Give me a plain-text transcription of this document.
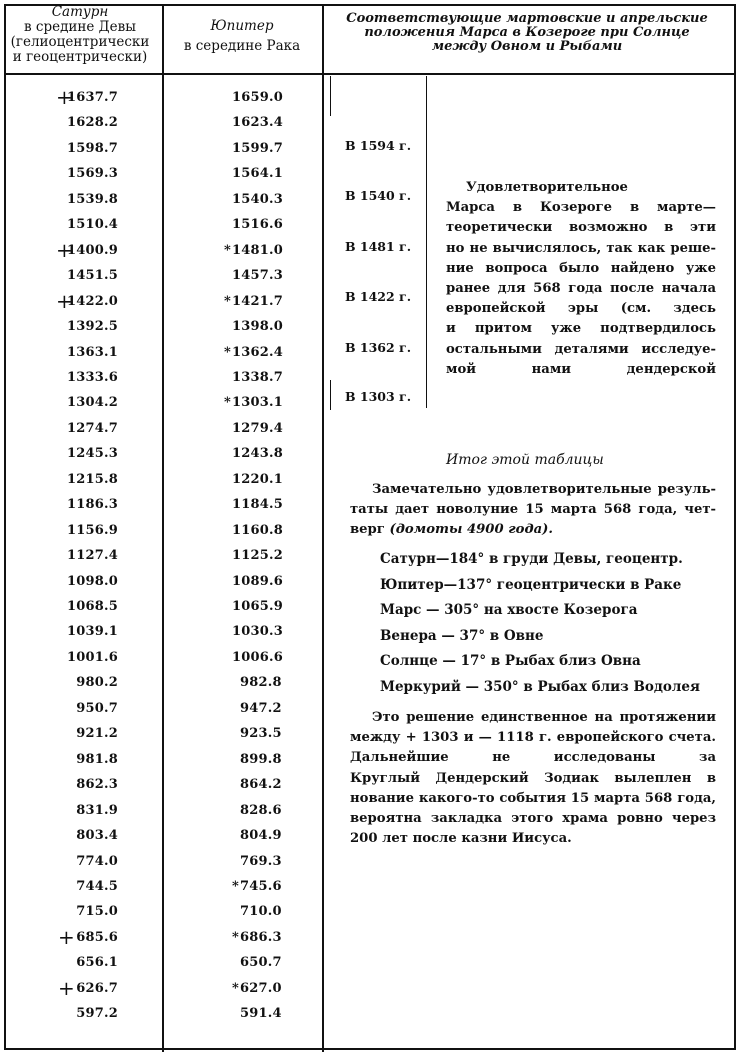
Сатурн
в средине Девы
(гелиоцентрически
и геоцентрически)
Юпитер
в середине Рака
Соответствующие мартовские и апрельские
положения Марса в Козероге при Солнце
между Овном и Рыбами
+
1637.7	1659.0
1628.2	1623.4
1598.7	1599.7
1569.3	1564.1
1539.8	1540.3
1510.4	1516.6
+
1400.9	* 1481.0
1451.5	1457.3
+
1422.0	* 1421.7
1392.5	1398.0
1363.1	* 1362.4
1333.6	1338.7
1304.2	* 1303.1
1274.7	1279.4
1245.3	1243.8
1215.8	1220.1
1186.3	1184.5
1156.9	1160.8
1127.4	1125.2
1098.0	1089.6
1068.5	1065.9
1039.1	1030.3
1001.6	1006.6
980.2	982.8
950.7	947.2
921.2	923.5
981.8	899.8
862.3	864.2
831.9	828.6
803.4	804.9
774.0	769.3
744.5	* 745.6
715.0	710.0
+ 685.6	* 686.3
656.1	650.7
+ 626.7	* 627.0
597.2	591.4
В 1594 г.
В 1540 г.
В 1481 г.
В 1422 г.
В 1362 г.
В 1303 г.
Удовлетворительное
Марса в Козероге в марте—
теоретически возможно в эти
но не вычислялось, так как реше-
ние вопроса было найдено уже
ранее для 568 года после начала
европейской эры (см. здесь
и притом уже подтвердилось
остальными деталями исследуе-
мой нами дендерской
Итог этой таблицы
Замечательно удовлетворительные резуль-
таты дает новолуние 15 марта 568 года, чет-
верг (домоты 4900 года).
Сатурн—184° в груди Девы, геоцентр.
Юпитер—137° геоцентрически в Раке
Марс — 305° на хвосте Козерога
Венера — 37° в Овне
Солнце — 17° в Рыбах близ Овна
Меркурий — 350° в Рыбах близ Водолея
Это решение единственное на протяжении
между + 1303 и — 1118 г. европейского счета.
Дальнейшие не исследованы за
Круглый Дендерский Зодиак вылеплен в
нование какого-то события 15 марта 568 года,
вероятна закладка этого храма ровно через
200 лет после казни Иисуса.
